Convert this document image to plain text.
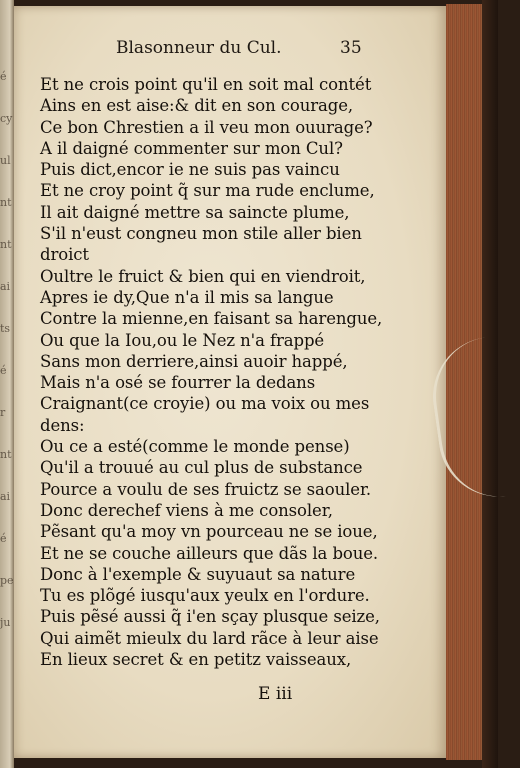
é
cy
ul
nt
nt
ai
ts
é
r
nt
ai
é
pe
ju
Blasonneur du Cul.	35
Et ne crois point qu'il en soit mal contét
Ains en est aise:& dit en son courage,
Ce bon Chrestien a il veu mon ouurage?
A il daigné commenter sur mon Cul?
Puis dict,encor ie ne suis pas vaincu
Et ne croy point q̃ sur ma rude enclume,
Il ait daigné mettre sa saincte plume,
S'il n'eust congneu mon stile aller bien
droict
Oultre le fruict & bien qui en viendroit,
Apres ie dy,Que n'a il mis sa langue
Contre la mienne,en faisant sa harengue,
Ou que la Iou,ou le Nez n'a frappé
Sans mon derriere,ainsi auoir happé,
Mais n'a osé se fourrer la dedans
Craignant(ce croyie) ou ma voix ou mes
dens:
Ou ce a esté(comme le monde pense)
Qu'il a trouué au cul plus de substance
Pource a voulu de ses fruictz se saouler.
Donc derechef viens à me consoler,
Pẽsant qu'a moy vn pourceau ne se ioue,
Et ne se couche ailleurs que dãs la boue.
Donc à l'exemple & suyuaut sa nature
Tu es plõgé iusqu'aux yeulx en l'ordure.
Puis pẽsé aussi q̃ i'en sçay plusque seize,
Qui aimẽt mieulx du lard rãce à leur aise
En lieux secret & en petitz vaisseaux,
E iii
